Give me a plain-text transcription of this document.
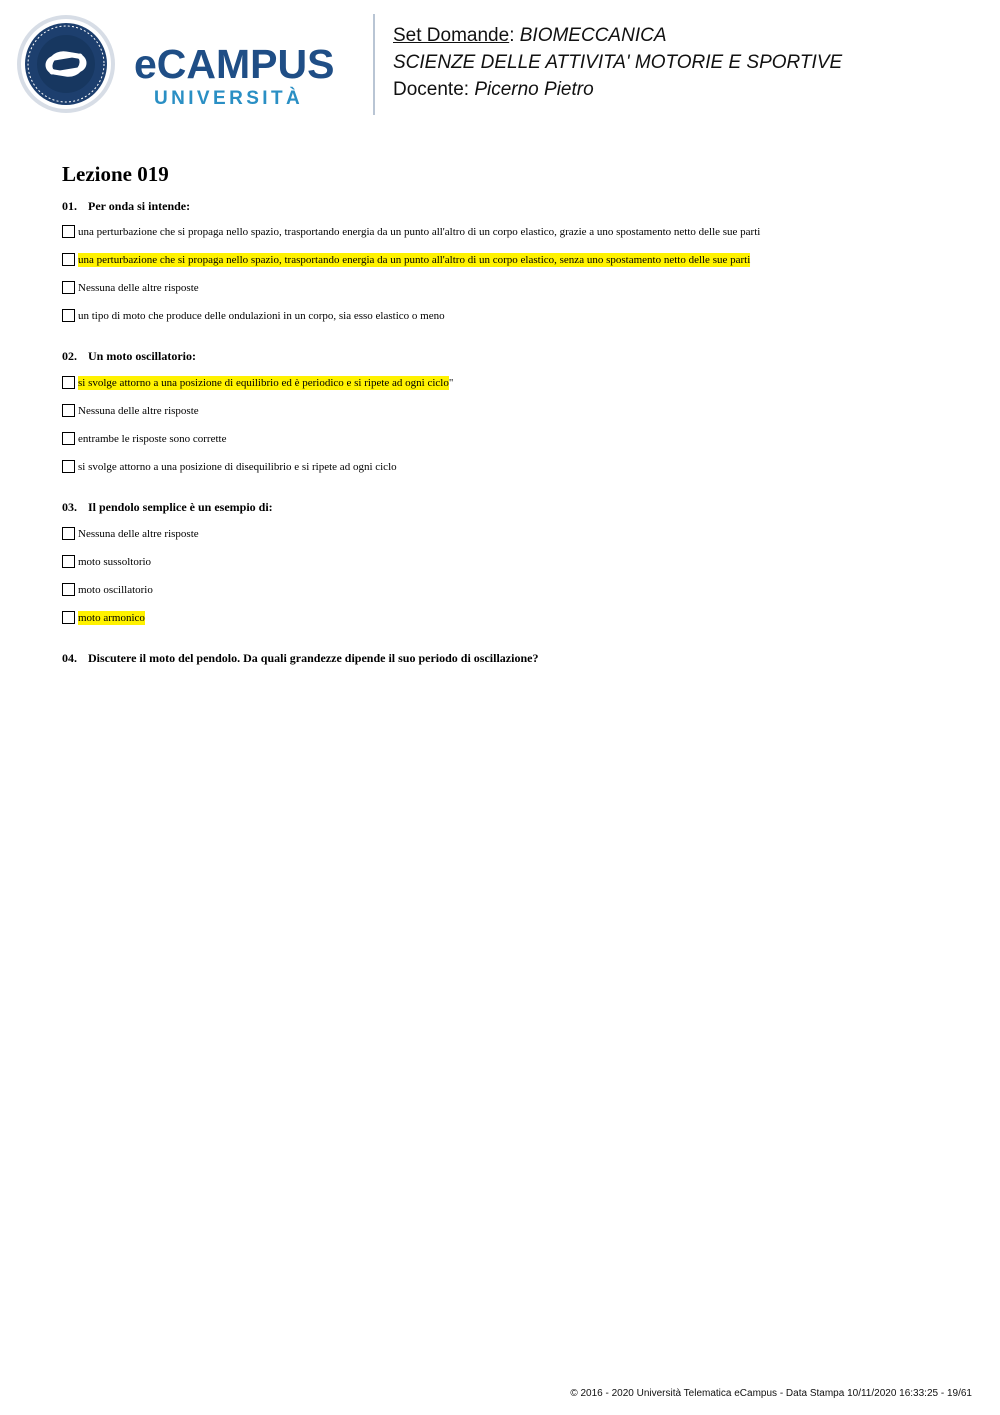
eCAMPUS
UNIVERSITÀ
Set Domande: BIOMECCANICA
SCIENZE DELLE ATTIVITA' MOTORIE E SPORTIVE
Docente: Picerno Pietro
Lezione 019
01. Per onda si intende:
una perturbazione che si propaga nello spazio, trasportando energia da un punto all'altro di un corpo elastico, grazie a uno spostamento netto delle sue parti
una perturbazione che si propaga nello spazio, trasportando energia da un punto all'altro di un corpo elastico, senza uno spostamento netto delle sue parti
Nessuna delle altre risposte
un tipo di moto che produce delle ondulazioni in un corpo, sia esso elastico o meno
02. Un moto oscillatorio:
si svolge attorno a una posizione di equilibrio ed è periodico e si ripete ad ogni ciclo "
Nessuna delle altre risposte
entrambe le risposte sono corrette
si svolge attorno a una posizione di disequilibrio e si ripete ad ogni ciclo
03. Il pendolo semplice è un esempio di:
Nessuna delle altre risposte
moto sussoltorio
moto oscillatorio
moto armonico
04. Discutere il moto del pendolo. Da quali grandezze dipende il suo periodo di oscillazione?
© 2016 - 2020 Università Telematica eCampus - Data Stampa 10/11/2020 16:33:25 - 19/61
